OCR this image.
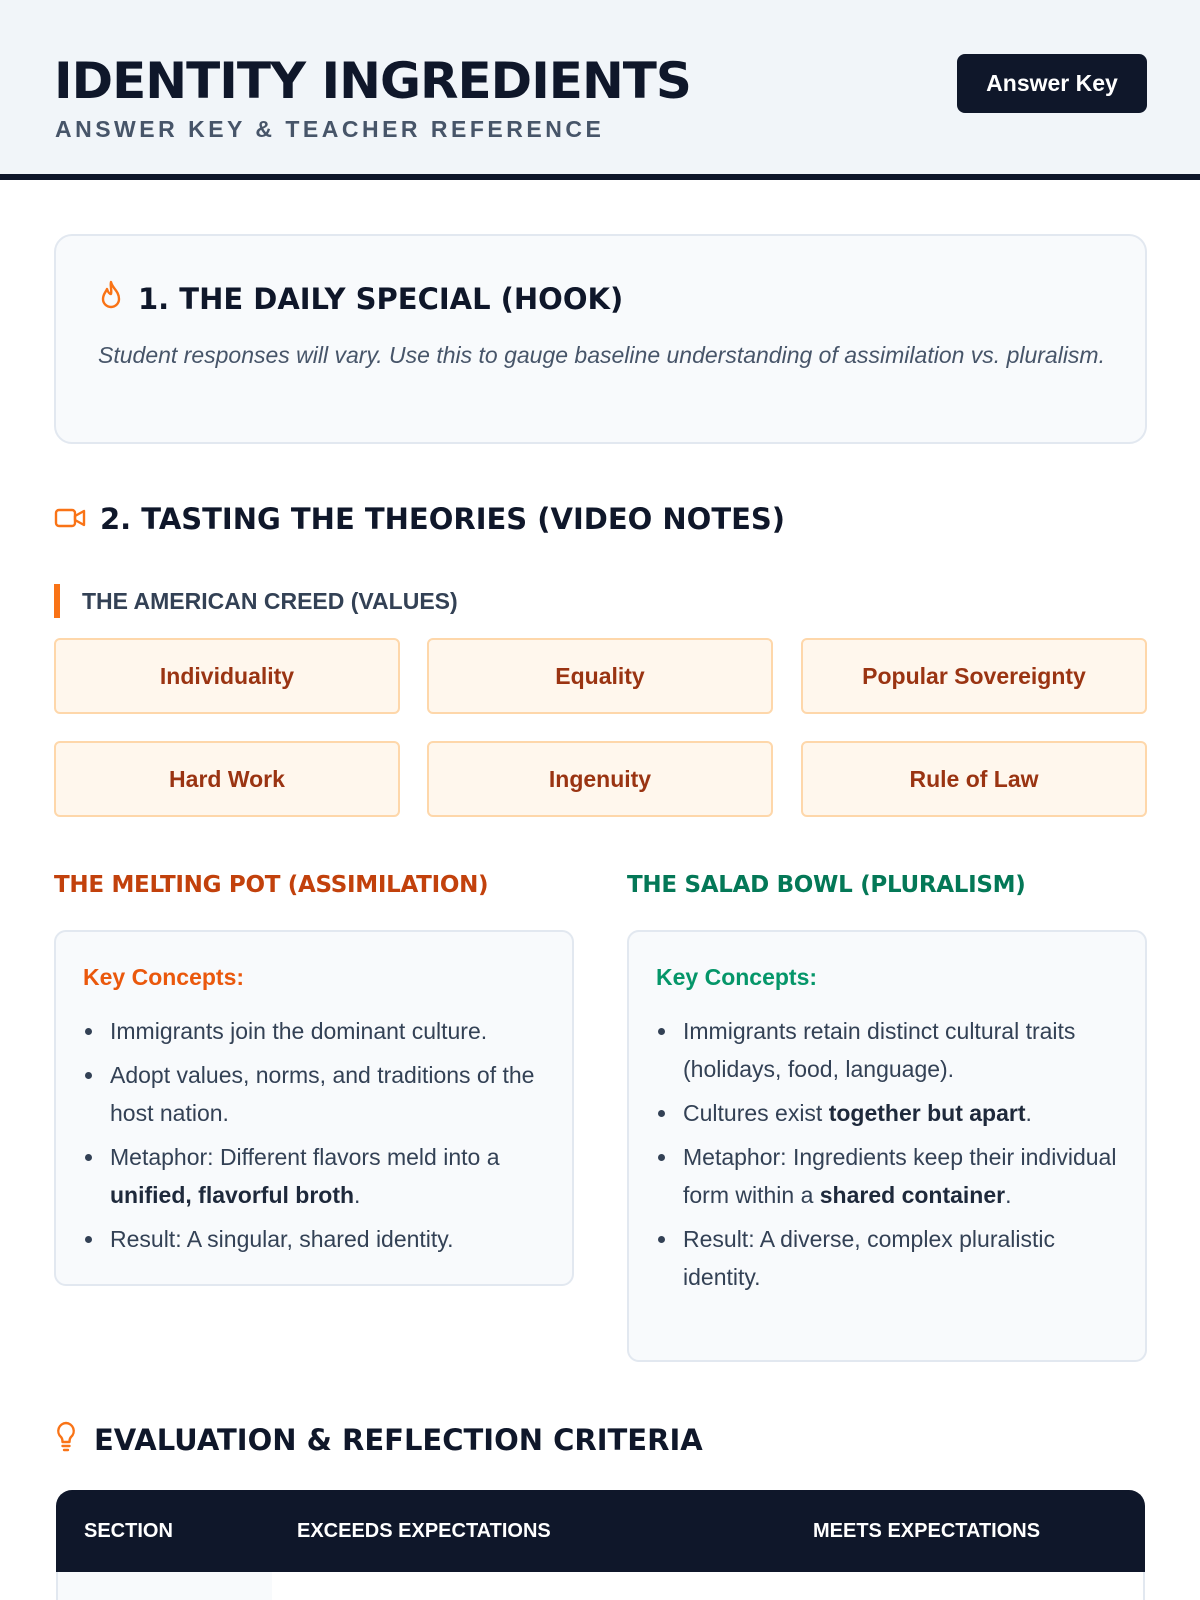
IDENTITY INGREDIENTS
ANSWER KEY & TEACHER REFERENCE
Answer Key
1. THE DAILY SPECIAL (HOOK)
Student responses will vary. Use this to gauge baseline understanding of assimilation vs. pluralism.
2. TASTING THE THEORIES (VIDEO NOTES)
THE AMERICAN CREED (VALUES)
Individuality	Equality	Popular Sovereignty
Hard Work	Ingenuity	Rule of Law
THE MELTING POT (ASSIMILATION)	THE SALAD BOWL (PLURALISM)
Key Concepts:
Immigrants join the dominant culture.
Adopt values, norms, and traditions of the host nation.
Metaphor: Different flavors meld into a unified, flavorful broth.
Result: A singular, shared identity.
Key Concepts:
Immigrants retain distinct cultural traits (holidays, food, language).
Cultures exist together but apart.
Metaphor: Ingredients keep their individual form within a shared container.
Result: A diverse, complex pluralistic identity.
EVALUATION & REFLECTION CRITERIA
SECTION	EXCEEDS EXPECTATIONS	MEETS EXPECTATIONS
